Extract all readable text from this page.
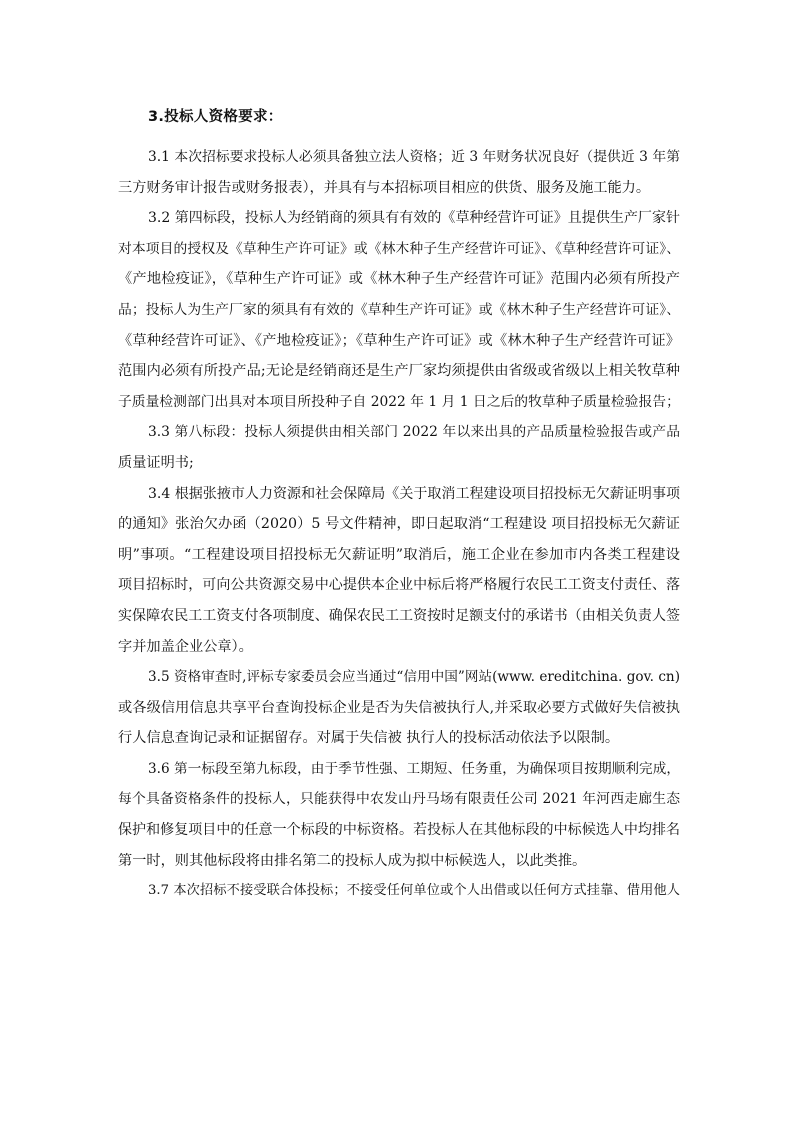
3.投标人资格要求：
3.1 本次招标要求投标人必须具备独立法人资格；近 3 年财务状况良好（提供近 3 年第
三方财务审计报告或财务报表），并具有与本招标项目相应的供货、服务及施工能力。
3.2 第四标段，投标人为经销商的须具有有效的《草种经营许可证》且提供生产厂家针
对本项目的授权及《草种生产许可证》或《林木种子生产经营许可证》、《草种经营许可证》、
《产地检疫证》，《草种生产许可证》或《林木种子生产经营许可证》范围内必须有所投产
品；投标人为生产厂家的须具有有效的《草种生产许可证》或《林木种子生产经营许可证》、
《草种经营许可证》、《产地检疫证》；《草种生产许可证》或《林木种子生产经营许可证》
范围内必须有所投产品;无论是经销商还是生产厂家均须提供由省级或省级以上相关牧草种
子质量检测部门出具对本项目所投种子自 2022 年 1 月 1 日之后的牧草种子质量检验报告；
3.3 第八标段：投标人须提供由相关部门 2022 年以来出具的产品质量检验报告或产品
质量证明书;
3.4 根据张掖市人力资源和社会保障局《关于取消工程建设项目招投标无欠薪证明事项
的通知》张治欠办函（2020）5 号文件精神，即日起取消“工程建设 项目招投标无欠薪证
明”事项。“工程建设项目招投标无欠薪证明”取消后，施工企业在参加市内各类工程建设
项目招标时，可向公共资源交易中心提供本企业中标后将严格履行农民工工资支付责任、落
实保障农民工工资支付各项制度、确保农民工工资按时足额支付的承诺书（由相关负责人签
字并加盖企业公章）。
3.5 资格审查时,评标专家委员会应当通过“信用中国”网站(www. ereditchina. gov. cn)
或各级信用信息共享平台查询投标企业是否为失信被执行人,并采取必要方式做好失信被执
行人信息查询记录和证据留存。对属于失信被 执行人的投标活动依法予以限制。
3.6 第一标段至第九标段，由于季节性强、工期短、任务重，为确保项目按期顺利完成，
每个具备资格条件的投标人，只能获得中农发山丹马场有限责任公司 2021 年河西走廊生态
保护和修复项目中的任意一个标段的中标资格。若投标人在其他标段的中标候选人中均排名
第一时，则其他标段将由排名第二的投标人成为拟中标候选人，以此类推。
3.7 本次招标不接受联合体投标；不接受任何单位或个人出借或以任何方式挂靠、借用他人
